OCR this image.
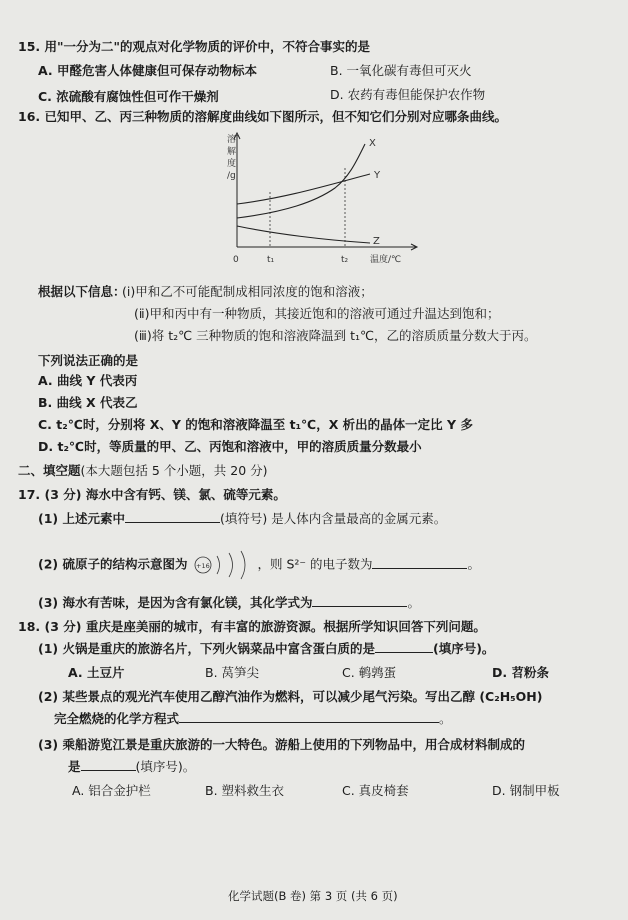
15. 用"一分为二"的观点对化学物质的评价中，不符合事实的是
A. 甲醛危害人体健康但可保存动物标本	B. 一氧化碳有毒但可灭火
C. 浓硫酸有腐蚀性但可作干燥剂	D. 农药有毒但能保护农作物
16. 已知甲、乙、丙三种物质的溶解度曲线如下图所示，但不知它们分别对应哪条曲线。
溶
解
度
/g
X
Y
Z
0	t₁	t₂ 温度/℃
根据以下信息：
(ⅰ)甲和乙不可能配制成相同浓度的饱和溶液；
(ⅱ)甲和丙中有一种物质，其接近饱和的溶液可通过升温达到饱和；
(ⅲ)将 t₂℃ 三种物质的饱和溶液降温到 t₁℃，乙的溶质质量分数大于丙。
下列说法正确的是
A. 曲线 Y 代表丙
B. 曲线 X 代表乙
C. t₂℃时，分别将 X、Y 的饱和溶液降温至 t₁℃，X 析出的晶体一定比 Y 多
D. t₂℃时，等质量的甲、乙、丙饱和溶液中，甲的溶质质量分数最小
二、填空题(本大题包括 5 个小题，共 20 分)
17. (3 分) 海水中含有钙、镁、氯、硫等元素。
(1) 上述元素中	(填符号) 是人体内含量最高的金属元素。
(2) 硫原子的结构示意图为 +16	，则 S²⁻ 的电子数为	。
(3) 海水有苦味，是因为含有氯化镁，其化学式为	。
18. (3 分) 重庆是座美丽的城市，有丰富的旅游资源。根据所学知识回答下列问题。
(1) 火锅是重庆的旅游名片，下列火锅菜品中富含蛋白质的是	(填序号)。
A. 土豆片	B. 莴笋尖	C. 鹌鹑蛋	D. 苕粉条
(2) 某些景点的观光汽车使用乙醇汽油作为燃料，可以减少尾气污染。写出乙醇 (C₂H₅OH)
完全燃烧的化学方程式	。
(3) 乘船游览江景是重庆旅游的一大特色。游船上使用的下列物品中，用合成材料制成的
是	(填序号)。
A. 铝合金护栏	B. 塑料救生衣	C. 真皮椅套	D. 钢制甲板
化学试题(B 卷) 第 3 页 (共 6 页)
